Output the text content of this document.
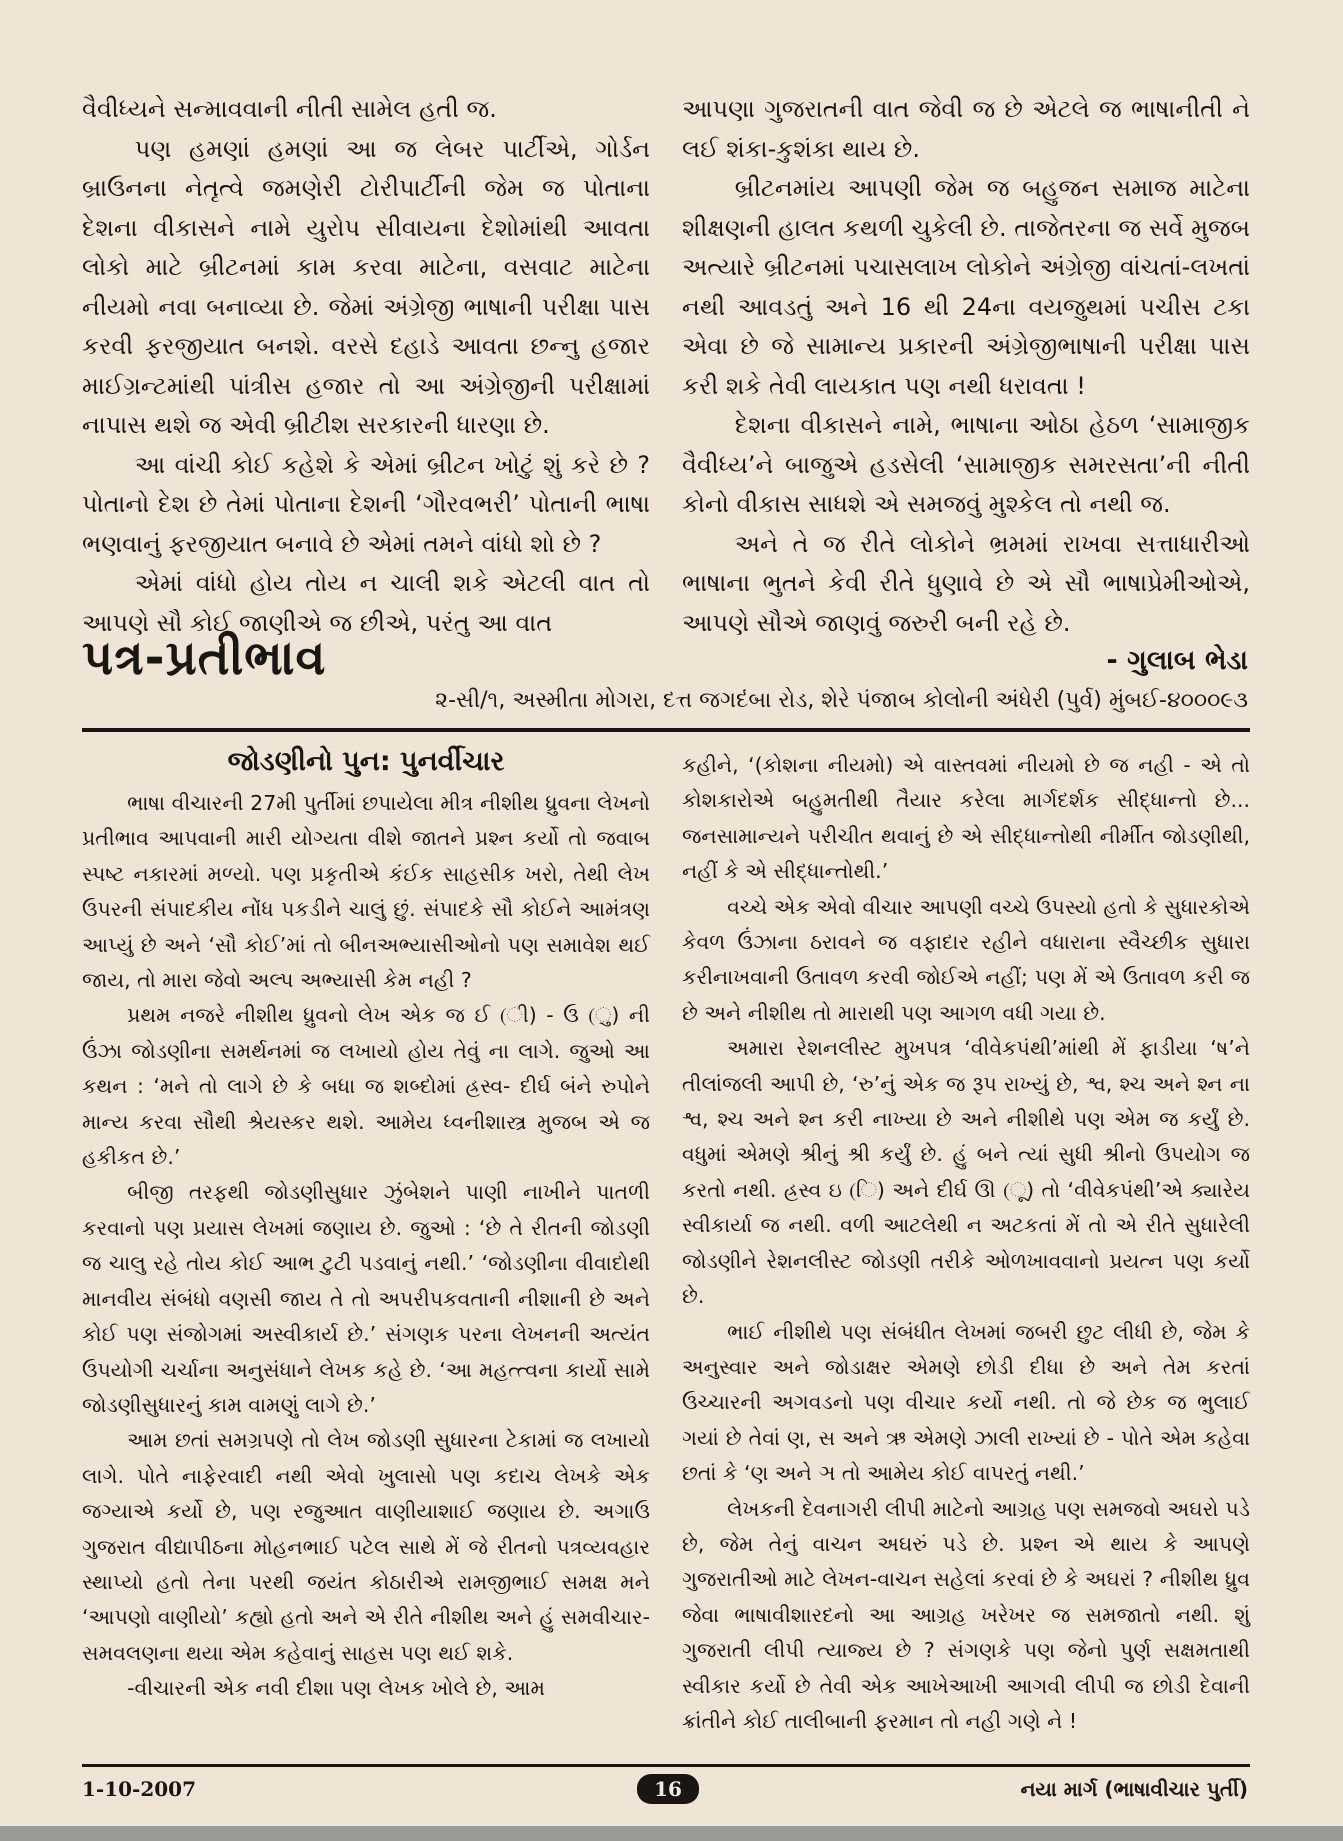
વૈવીધ્યને સન્માવવાની નીતી સામેલ હતી જ.

પણ હમણાં હમણાં આ જ લેબર પાર્ટીએ, ગોર્ડન બ્રાઉનના નેતૃત્વે જમણેરી ટોરીપાર્ટીની જેમ જ પોતાના દેશના વીકાસને નામે યુરોપ સીવાયના દેશોમાંથી આવતા લોકો માટે બ્રીટનમાં કામ કરવા માટેના, વસવાટ માટેના નીયમો નવા બનાવ્યા છે. જેમાં અંગ્રેજી ભાષાની પરીક્ષા પાસ કરવી ફરજીયાત બનશે. વરસે દહાડે આવતા છન્નુ હજાર માઈગ્રન્ટમાંથી પાંત્રીસ હજાર તો આ અંગ્રેજીની પરીક્ષામાં નાપાસ થશે જ એવી બ્રીટીશ સરકારની ધારણા છે.

આ વાંચી કોઈ કહેશે કે એમાં બ્રીટન ખોટું શું કરે છે ? પોતાનો દેશ છે તેમાં પોતાના દેશની ‘ગૌરવભરી’ પોતાની ભાષા ભણવાનું ફરજીયાત બનાવે છે એમાં તમને વાંધો શો છે ?

એમાં વાંધો હોય તોય ન ચાલી શકે એટલી વાત તો આપણે સૌ કોઈ જાણીએ જ છીએ, પરંતુ આ વાત

આપણા ગુજરાતની વાત જેવી જ છે એટલે જ ભાષાનીતી ને લઈ શંકા-કુશંકા થાય છે.

બ્રીટનમાંય આપણી જેમ જ બહુજન સમાજ માટેના શીક્ષણની હાલત કથળી ચુકેલી છે. તાજેતરના જ સર્વે મુજબ અત્યારે બ્રીટનમાં પચાસલાખ લોકોને અંગ્રેજી વાંચતાં-લખતાં નથી આવડતું અને 16 થી 24ના વયજુથમાં પચીસ ટકા એવા છે જે સામાન્ય પ્રકારની અંગ્રેજીભાષાની પરીક્ષા પાસ કરી શકે તેવી લાયકાત પણ નથી ધરાવતા !

દેશના વીકાસને નામે, ભાષાના ઓઠા હેઠળ ‘સામાજીક વૈવીધ્ય’ને બાજુએ હડસેલી ‘સામાજીક સમરસતા’ની નીતી કોનો વીકાસ સાધશે એ સમજવું મુશ્કેલ તો નથી જ.

અને તે જ રીતે લોકોને ભ્રમમાં રાખવા સત્તાધારીઓ ભાષાના ભુતને કેવી રીતે ધુણાવે છે એ સૌ ભાષાપ્રેમીઓએ, આપણે સૌએ જાણવું જરુરી બની રહે છે.

પત્ર-પ્રતીભાવ	- ગુલાબ ભેડા
૨-સી/૧, અસ્મીતા મોગરા, દત્ત જગદંબા રોડ, શેરે પંજાબ કોલોની અંધેરી (પુર્વ) મુંબઈ-૪૦૦૦૯૩
જોડણીનો પુન: પુનર્વીચાર

ભાષા વીચારની 27મી પુર્તીમાં છપાયેલા મીત્ર નીશીથ ધ્રુવના લેખનો પ્રતીભાવ આપવાની મારી યોગ્યતા વીશે જાતને પ્રશ્ન કર્યો તો જવાબ સ્પષ્ટ નકારમાં મળ્યો. પણ પ્રકૃતીએ કંઈક સાહસીક ખરો, તેથી લેખ ઉપરની સંપાદકીય નોંધ પકડીને ચાલું છું. સંપાદકે સૌ કોઈને આમંત્રણ આપ્યું છે અને ‘સૌ કોઈ’માં તો બીનઅભ્યાસીઓનો પણ સમાવેશ થઈ જાય, તો મારા જેવો અલ્પ અભ્યાસી કેમ નહી ?

પ્રથમ નજરે નીશીથ ધ્રુવનો લેખ એક જ ઈ (ી) - ઉ (ુ) ની ઉંઝા જોડણીના સમર્થનમાં જ લખાયો હોય તેવું ના લાગે. જુઓ આ કથન : ‘મને તો લાગે છે કે બધા જ શબ્દોમાં હ્રસ્વ- દીર્ઘ બંને રુપોને માન્ય કરવા સૌથી શ્રેયસ્કર થશે. આમેય ધ્વનીશાસ્ત્ર મુજબ એ જ હકીકત છે.’

બીજી તરફથી જોડણીસુધાર ઝુંબેશને પાણી નાખીને પાતળી કરવાનો પણ પ્રયાસ લેખમાં જણાય છે. જુઓ : ‘છે તે રીતની જોડણી જ ચાલુ રહે તોય કોઈ આભ ટુટી પડવાનું નથી.’ ‘જોડણીના વીવાદોથી માનવીય સંબંધો વણસી જાય તે તો અપરીપકવતાની નીશાની છે અને કોઈ પણ સંજોગમાં અસ્વીકાર્ય છે.’ સંગણક પરના લેખનની અત્યંત ઉપયોગી ચર્ચાના અનુસંધાને લેખક કહે છે. ‘આ મહત્ત્વના કાર્યો સામે જોડણીસુધારનું કામ વામણું લાગે છે.’

આમ છતાં સમગ્રપણે તો લેખ જોડણી સુધારના ટેકામાં જ લખાયો લાગે. પોતે નાફેરવાદી નથી એવો ખુલાસો પણ કદાચ લેખકે એક જગ્યાએ કર્યો છે, પણ રજુઆત વાણીયાશાઈ જણાય છે. અગાઉ ગુજરાત વીદ્યાપીઠના મોહનભાઈ પટેલ સાથે મેં જે રીતનો પત્રવ્યવહાર સ્થાપ્યો હતો તેના પરથી જયંત કોઠારીએ રામજીભાઈ સમક્ષ મને ‘આપણો વાણીયો’ કહ્યો હતો અને એ રીતે નીશીથ અને હું સમવીચાર-સમવલણના થયા એમ કહેવાનું સાહસ પણ થઈ શકે.

-વીચારની એક નવી દીશા પણ લેખક ખોલે છે, આમ

કહીને, ‘(કોશના નીયમો) એ વાસ્તવમાં નીયમો છે જ નહી - એ તો કોશકારોએ બહુમતીથી તૈયાર કરેલા માર્ગદર્શક સીદ્ધાન્તો છે... જનસામાન્યને પરીચીત થવાનું છે એ સીદ્ધાન્તોથી નીર્મીત જોડણીથી, નહીં કે એ સીદ્ધાન્તોથી.’

વચ્ચે એક એવો વીચાર આપણી વચ્ચે ઉપસ્યો હતો કે સુધારકોએ કેવળ ઉંઝાના ઠરાવને જ વફાદાર રહીને વધારાના સ્વૈચ્છીક સુધારા કરીનાખવાની ઉતાવળ કરવી જોઈએ નહીં; પણ મેં એ ઉતાવળ કરી જ છે અને નીશીથ તો મારાથી પણ આગળ વધી ગયા છે.

અમારા રેશનલીસ્ટ મુખપત્ર ‘વીવેકપંથી’માંથી મેં ફાડીયા ‘ષ’ને તીલાંજલી આપી છે, ‘રુ’નું એક જ રૂપ રાખ્યું છે, શ્વ, શ્ચ અને શ્ન ના શ્વ, શ્ચ અને શ્ન કરી નાખ્યા છે અને નીશીથે પણ એમ જ કર્યું છે. વધુમાં એમણે શ્રીનું શ્રી કર્યું છે. હું બને ત્યાં સુધી શ્રીનો ઉપયોગ જ કરતો નથી. હ્રસ્વ ઇ (િ) અને દીર્ઘ ઊ (ૂ) તો ‘વીવેકપંથી’એ ક્યારેય સ્વીકાર્યા જ નથી. વળી આટલેથી ન અટકતાં મેં તો એ રીતે સુધારેલી જોડણીને રેશનલીસ્ટ જોડણી તરીકે ઓળખાવવાનો પ્રયત્ન પણ કર્યો છે.

ભાઈ નીશીથે પણ સંબંધીત લેખમાં જબરી છુટ લીધી છે, જેમ કે અનુસ્વાર અને જોડાક્ષર એમણે છોડી દીધા છે અને તેમ કરતાં ઉચ્ચારની અગવડનો પણ વીચાર કર્યો નથી. તો જે છેક જ ભુલાઈ ગયાં છે તેવાં ણ, સ અને ઋ એમણે ઝાલી રાખ્યાં છે - પોતે એમ કહેવા છતાં કે ‘ણ અને ઞ તો આમેય કોઈ વાપરતું નથી.’

લેખકની દેવનાગરી લીપી માટેનો આગ્રહ પણ સમજવો અઘરો પડે છે, જેમ તેનું વાચન અઘરું પડે છે. પ્રશ્ન એ થાય કે આપણે ગુજરાતીઓ માટે લેખન-વાચન સહેલાં કરવાં છે કે અઘરાં ? નીશીથ ધ્રુવ જેવા ભાષાવીશારદનો આ આગ્રહ ખરેખર જ સમજાતો નથી. શું ગુજરાતી લીપી ત્યાજ્ય છે ? સંગણકે પણ જેનો પુર્ણ સક્ષમતાથી સ્વીકાર કર્યો છે તેવી એક આખેઆખી આગવી લીપી જ છોડી દેવાની ક્રાંતીને કોઈ તાલીબાની ફરમાન તો નહી ગણે ને !

1-10-2007	16	નયા માર્ગ (ભાષાવીચાર પુર્તી)
